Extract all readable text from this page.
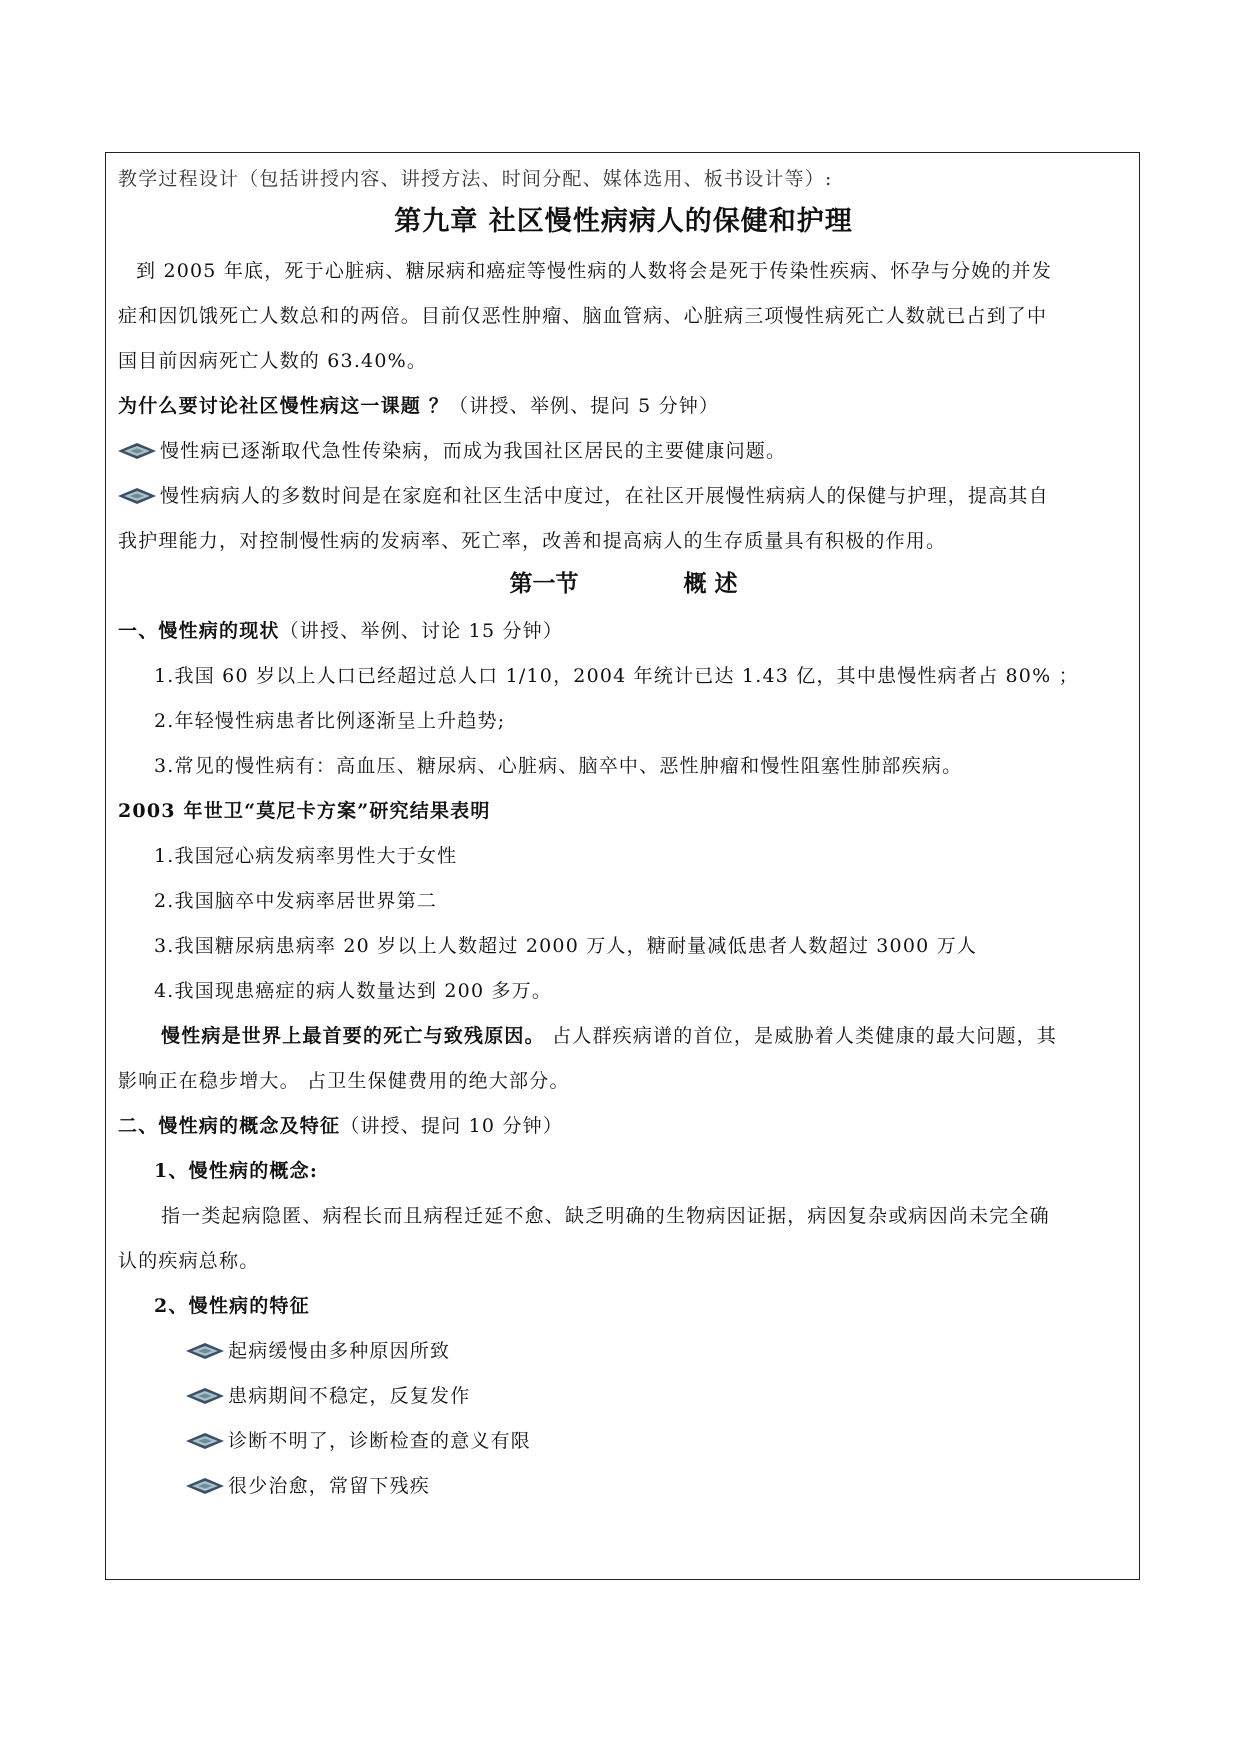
教学过程设计（包括讲授内容、讲授方法、时间分配、媒体选用、板书设计等）:
第九章 社区慢性病病人的保健和护理
到 2005 年底，死于心脏病、糖尿病和癌症等慢性病的人数将会是死于传染性疾病、怀孕与分娩的并发
症和因饥饿死亡人数总和的两倍。目前仅恶性肿瘤、脑血管病、心脏病三项慢性病死亡人数就已占到了中
国目前因病死亡人数的 63.40%。
为什么要讨论社区慢性病这一课题 ？（讲授、举例、提问 5 分钟）
慢性病已逐渐取代急性传染病，而成为我国社区居民的主要健康问题。
慢性病病人的多数时间是在家庭和社区生活中度过，在社区开展慢性病病人的保健与护理，提高其自
我护理能力，对控制慢性病的发病率、死亡率，改善和提高病人的生存质量具有积极的作用。
第一节	概 述
一、慢性病的现状（讲授、举例、讨论 15 分钟）
1.我国 60 岁以上人口已经超过总人口 1/10，2004 年统计已达 1.43 亿，其中患慢性病者占 80% ；
2.年轻慢性病患者比例逐渐呈上升趋势;
3.常见的慢性病有：高血压、糖尿病、心脏病、脑卒中、恶性肿瘤和慢性阻塞性肺部疾病。
2003 年世卫“莫尼卡方案”研究结果表明
1.我国冠心病发病率男性大于女性
2.我国脑卒中发病率居世界第二
3.我国糖尿病患病率 20 岁以上人数超过 2000 万人，糖耐量减低患者人数超过 3000 万人
4.我国现患癌症的病人数量达到 200 多万。
慢性病是世界上最首要的死亡与致残原因。 占人群疾病谱的首位，是威胁着人类健康的最大问题，其
影响正在稳步增大。 占卫生保健费用的绝大部分。
二、慢性病的概念及特征（讲授、提问 10 分钟）
1、慢性病的概念:
指一类起病隐匿、病程长而且病程迁延不愈、缺乏明确的生物病因证据，病因复杂或病因尚未完全确
认的疾病总称。
2、慢性病的特征
起病缓慢由多种原因所致
患病期间不稳定，反复发作
诊断不明了，诊断检查的意义有限
很少治愈，常留下残疾
